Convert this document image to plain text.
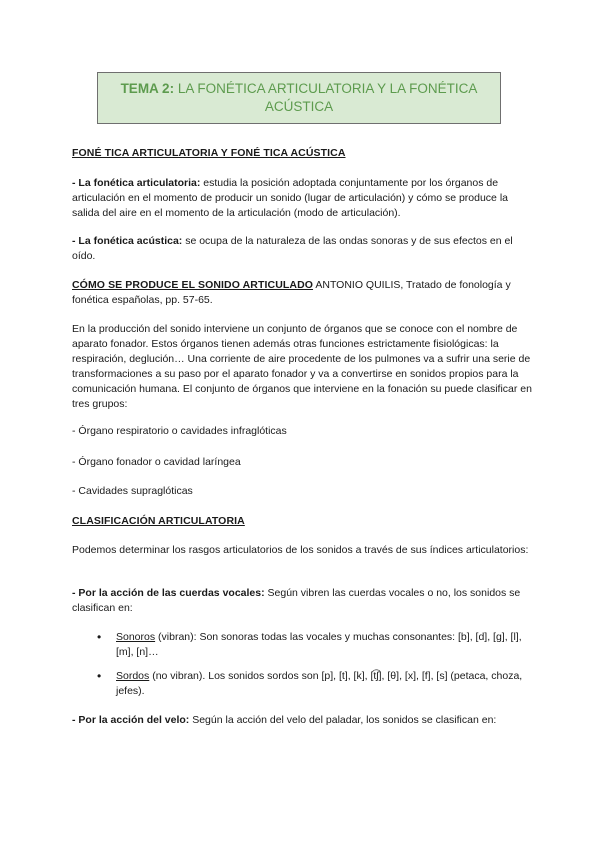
TEMA 2: LA FONÉTICA ARTICULATORIA Y LA FONÉTICA
ACÚSTICA
FONÉ TICA ARTICULATORIA Y FONÉ TICA ACÚSTICA
- La fonética articulatoria: estudia la posición adoptada conjuntamente por los órganos de articulación en el momento de producir un sonido (lugar de articulación) y cómo se produce la salida del aire en el momento de la articulación (modo de articulación).
- La fonética acústica: se ocupa de la naturaleza de las ondas sonoras y de sus efectos en el oído.
CÓMO SE PRODUCE EL SONIDO ARTICULADO ANTONIO QUILIS, Tratado de fonología y fonética españolas, pp. 57-65.
En la producción del sonido interviene un conjunto de órganos que se conoce con el nombre de aparato fonador. Estos órganos tienen además otras funciones estrictamente fisiológicas: la respiración, deglución… Una corriente de aire procedente de los pulmones va a sufrir una serie de transformaciones a su paso por el aparato fonador y va a convertirse en sonidos propios para la comunicación humana. El conjunto de órganos que interviene en la fonación su puede clasificar en tres grupos:
- Órgano respiratorio o cavidades infraglóticas
- Órgano fonador o cavidad laríngea
- Cavidades supraglóticas
CLASIFICACIÓN ARTICULATORIA
Podemos determinar los rasgos articulatorios de los sonidos a través de sus índices articulatorios:
- Por la acción de las cuerdas vocales: Según vibren las cuerdas vocales o no, los sonidos se clasifican en:
• Sonoros (vibran): Son sonoras todas las vocales y muchas consonantes: [b], [d], [g], [l], [m], [n]…
• Sordos (no vibran). Los sonidos sordos son [p], [t], [k], [t͡ʃ], [θ], [x], [f], [s] (petaca, choza, jefes).
- Por la acción del velo: Según la acción del velo del paladar, los sonidos se clasifican en:
